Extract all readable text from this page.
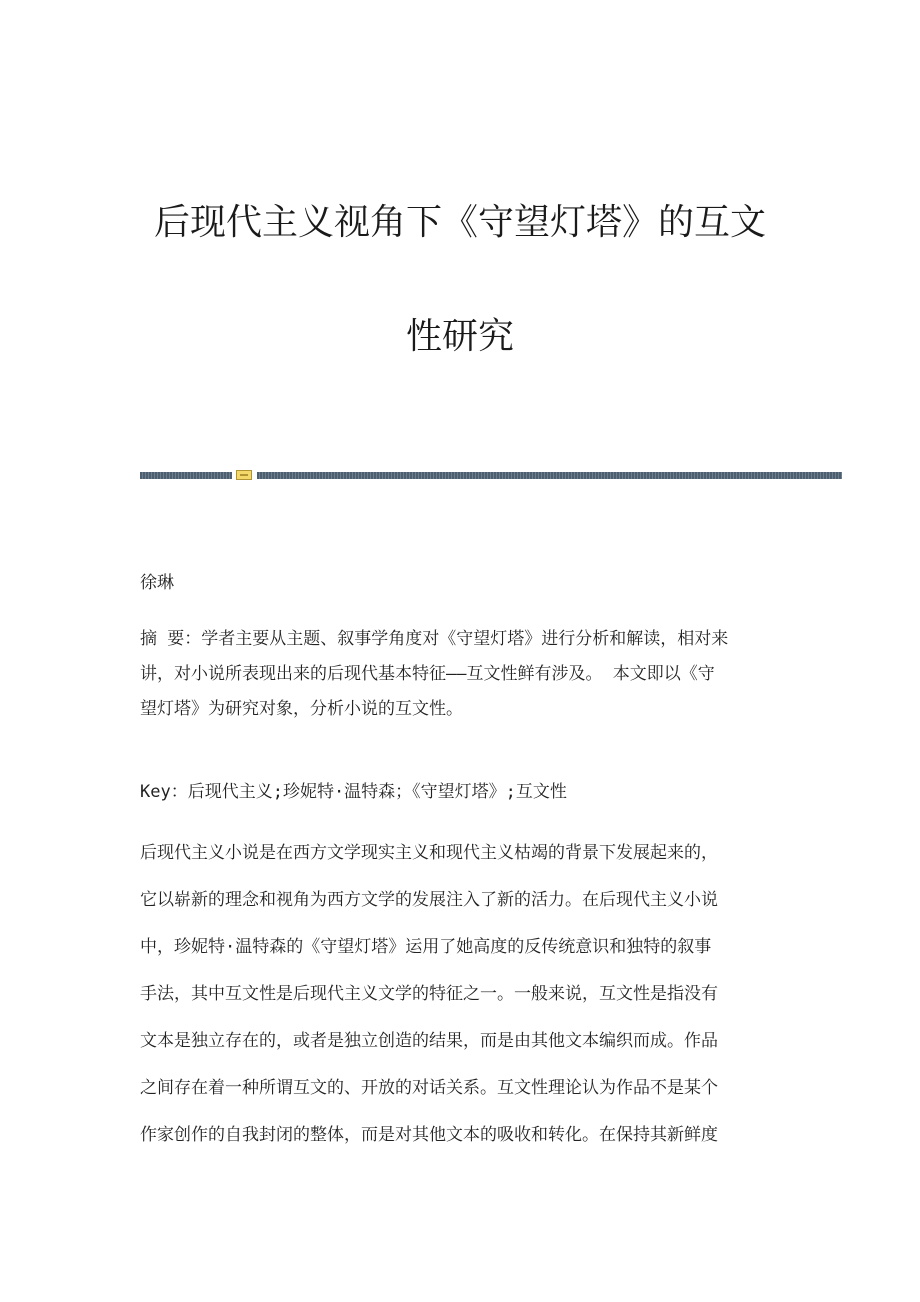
后现代主义视角下《守望灯塔》的互文
性研究
徐琳
摘 要：学者主要从主题、叙事学角度对《守望灯塔》进行分析和解读，相对来
讲，对小说所表现出来的后现代基本特征——互文性鲜有涉及。 本文即以《守
望灯塔》为研究对象，分析小说的互文性。
Key：后现代主义;珍妮特·温特森；《守望灯塔》;互文性
后现代主义小说是在西方文学现实主义和现代主义枯竭的背景下发展起来的，
它以崭新的理念和视角为西方文学的发展注入了新的活力。在后现代主义小说
中，珍妮特·温特森的《守望灯塔》运用了她高度的反传统意识和独特的叙事
手法，其中互文性是后现代主义文学的特征之一。一般来说，互文性是指没有
文本是独立存在的，或者是独立创造的结果，而是由其他文本编织而成。作品
之间存在着一种所谓互文的、开放的对话关系。互文性理论认为作品不是某个
作家创作的自我封闭的整体，而是对其他文本的吸收和转化。在保持其新鲜度
